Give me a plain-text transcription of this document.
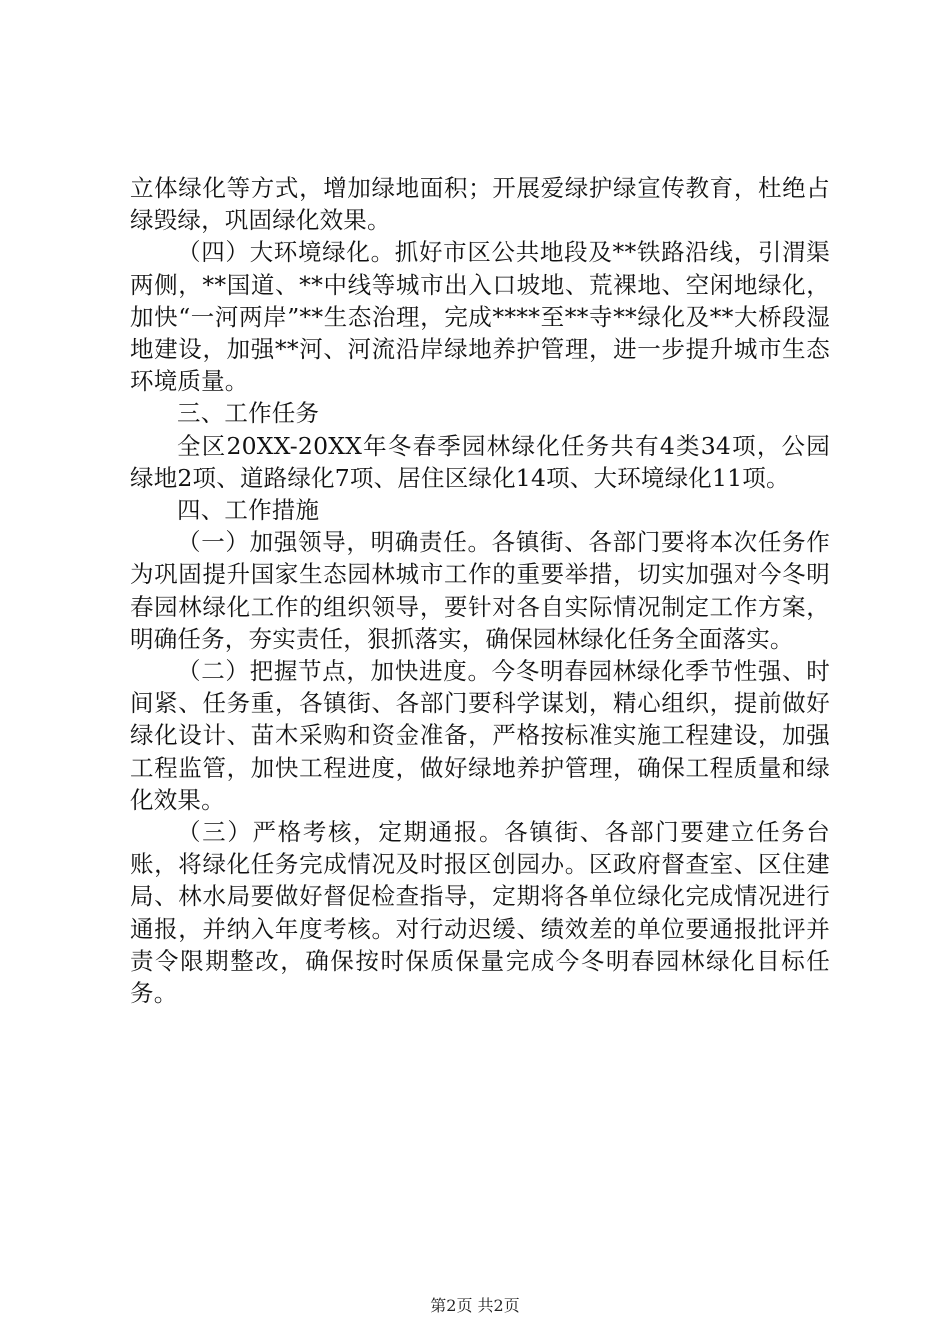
立体绿化等方式，增加绿地面积；开展爱绿护绿宣传教育，杜绝占绿毁绿，巩固绿化效果。

（四）大环境绿化。抓好市区公共地段及**铁路沿线，引渭渠两侧，**国道、**中线等城市出入口坡地、荒裸地、空闲地绿化，加快“一河两岸”**生态治理，完成****至**寺**绿化及**大桥段湿地建设，加强**河、河流沿岸绿地养护管理，进一步提升城市生态环境质量。

三、工作任务

全区20XX-20XX年冬春季园林绿化任务共有4类34项，公园绿地2项、道路绿化7项、居住区绿化14项、大环境绿化11项。

四、工作措施

（一）加强领导，明确责任。各镇街、各部门要将本次任务作为巩固提升国家生态园林城市工作的重要举措，切实加强对今冬明春园林绿化工作的组织领导，要针对各自实际情况制定工作方案，明确任务，夯实责任，狠抓落实，确保园林绿化任务全面落实。

（二）把握节点，加快进度。今冬明春园林绿化季节性强、时间紧、任务重，各镇街、各部门要科学谋划，精心组织，提前做好绿化设计、苗木采购和资金准备，严格按标准实施工程建设，加强工程监管，加快工程进度，做好绿地养护管理，确保工程质量和绿化效果。

（三）严格考核，定期通报。各镇街、各部门要建立任务台账，将绿化任务完成情况及时报区创园办。区政府督查室、区住建局、林水局要做好督促检查指导，定期将各单位绿化完成情况进行通报，并纳入年度考核。对行动迟缓、绩效差的单位要通报批评并责令限期整改，确保按时保质保量完成今冬明春园林绿化目标任务。

第2页 共2页
